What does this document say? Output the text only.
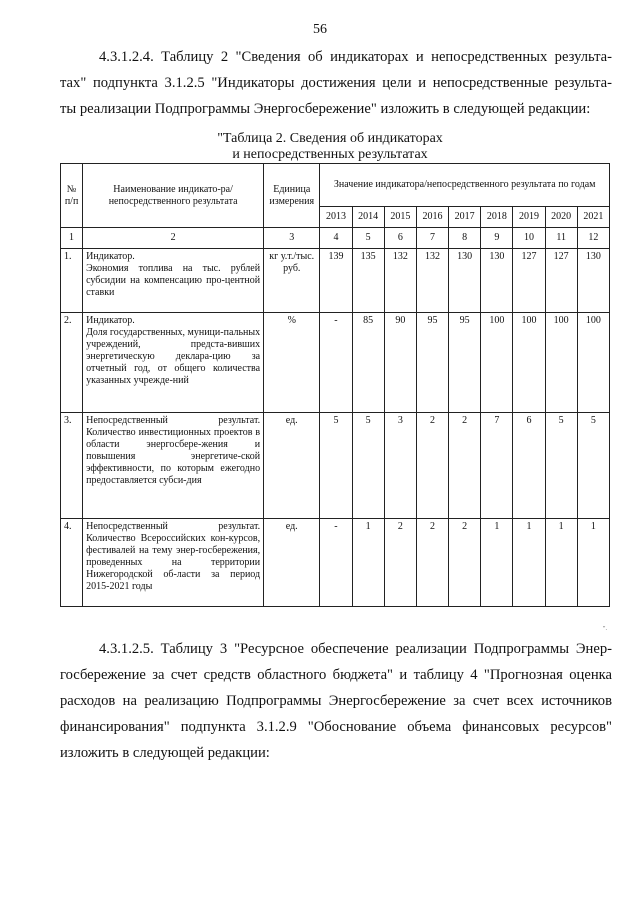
56
4.3.1.2.4. Таблицу 2 "Сведения об индикаторах и непосредственных результа-
тах" подпункта 3.1.2.5 "Индикаторы достижения цели и непосредственные результа-
ты реализации Подпрограммы Энергосбережение" изложить в следующей редакции:
"Таблица 2. Сведения об индикаторах
и непосредственных результатах
№ п/п	Наименование индикато-ра/непосредственного результата	Единица измерения	Значение индикатора/непосредственного результата по годам								
			2013	2014	2015	2016	2017	2018	2019	2020	2021
1	2	3	4	5	6	7	8	9	10	11	12
1.	Индикатор.
Экономия топлива на тыс. рублей субсидии на компенсацию про-центной ставки	кг у.т./тыс. руб.	139	135	132	132	130	130	127	127	130
2.	Индикатор.
Доля государственных, муници-пальных учреждений, предста-вивших энергетическую деклара-цию за отчетный год, от общего количества указанных учрежде-ний	%	-	85	90	95	95	100	100	100	100
3.	Непосредственный результат. Количество инвестиционных проектов в области энергосбере-жения и повышения энергетиче-ской эффективности, по которым ежегодно предоставляется субси-дия	ед.	5	5	3	2	2	7	6	5	5
4.	Непосредственный результат. Количество Всероссийских кон-курсов, фестивалей на тему энер-госбережения, проведенных на территории Нижегородской об-ласти за период 2015-2021 годы	ед.	-	1	2	2	2	1	1	1	1
".
4.3.1.2.5. Таблицу 3 "Ресурсное обеспечение реализации Подпрограммы Энер-
госбережение за счет средств областного бюджета" и таблицу 4 "Прогнозная оценка
расходов на реализацию Подпрограммы Энергосбережение за счет всех источников
финансирования" подпункта 3.1.2.9 "Обоснование объема финансовых ресурсов"
изложить в следующей редакции:
